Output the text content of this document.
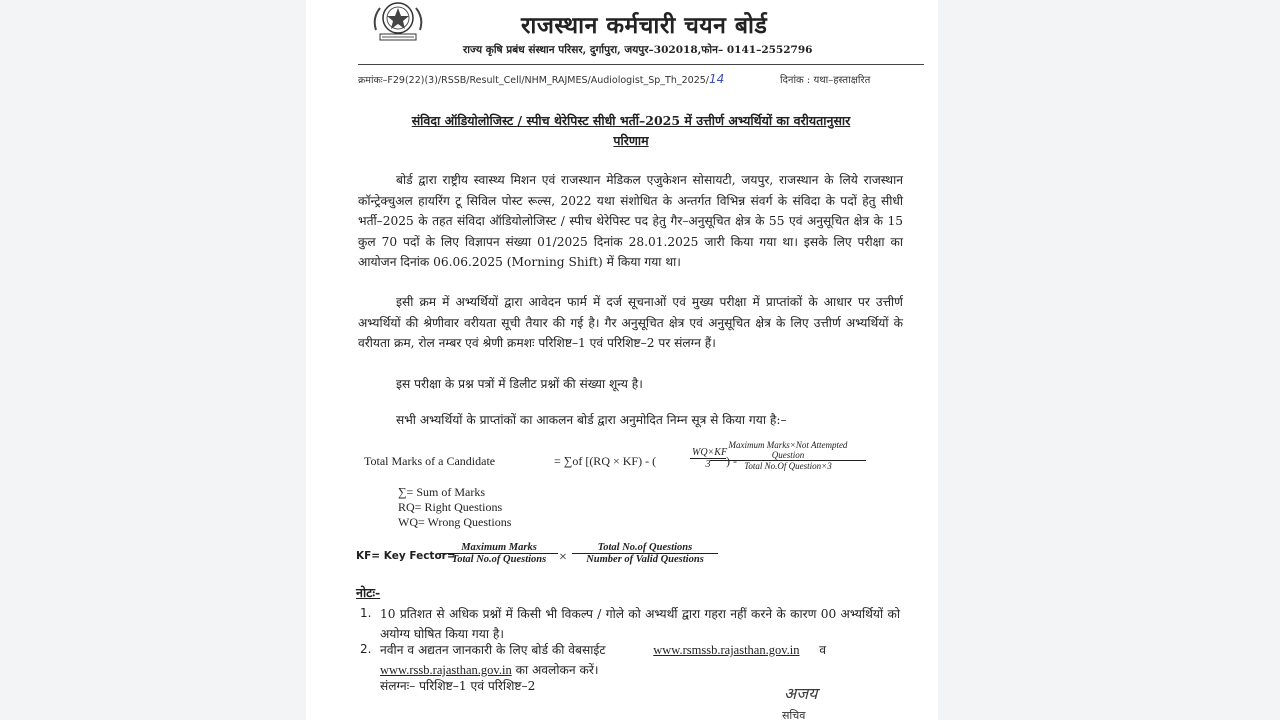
राजस्थान कर्मचारी चयन बोर्ड
राज्य कृषि प्रबंध संस्थान परिसर, दुर्गापुरा, जयपुर–302018,फोन– 0141–2552796
क्रमांकः–F29(22)(3)/RSSB/Result_Cell/NHM_RAJMES/Audiologist_Sp_Th_2025/14	दिनांक : यथा–हस्ताक्षरित
संविदा ऑडियोलोजिस्ट / स्पीच थेरेपिस्ट सीधी भर्ती–2025 में उत्तीर्ण अभ्यर्थियों का वरीयतानुसार
परिणाम
बोर्ड द्वारा राष्ट्रीय स्वास्थ्य मिशन एवं राजस्थान मेडिकल एजुकेशन सोसायटी, जयपुर, राजस्थान के लिये राजस्थान कॉन्ट्रेक्चुअल हायरिंग टू सिविल पोस्ट रूल्स, 2022 यथा संशोधित के अन्तर्गत विभिन्न संवर्ग के संविदा के पदों हेतु सीधी भर्ती–2025 के तहत संविदा ऑडियोलोजिस्ट / स्पीच थेरेपिस्ट पद हेतु गैर–अनुसूचित क्षेत्र के 55 एवं अनुसूचित क्षेत्र के 15 कुल 70 पदों के लिए विज्ञापन संख्या 01/2025 दिनांक 28.01.2025 जारी किया गया था। इसके लिए परीक्षा का आयोजन दिनांक 06.06.2025 (Morning Shift) में किया गया था।
इसी क्रम में अभ्यर्थियों द्वारा आवेदन फार्म में दर्ज सूचनाओं एवं मुख्य परीक्षा में प्राप्तांकों के आधार पर उत्तीर्ण अभ्यर्थियों की श्रेणीवार वरीयता सूची तैयार की गई है। गैर अनुसूचित क्षेत्र एवं अनुसूचित क्षेत्र के लिए उत्तीर्ण अभ्यर्थियों के वरीयता क्रम, रोल नम्बर एवं श्रेणी क्रमशः परिशिष्ट–1 एवं परिशिष्ट–2 पर संलग्न हैं।
इस परीक्षा के प्रश्न पत्रों में डिलीट प्रश्नों की संख्या शून्य है।
सभी अभ्यर्थियों के प्राप्तांकों का आकलन बोर्ड द्वारा अनुमोदित निम्न सूत्र से किया गया है:–
Total Marks of a Candidate	= ∑of [(RQ × KF) - (	$\frac{WQ\times KF}{3}$ ) -
Maximum Marks×Not Attempted
Question
Total No.Of Question×3
∑= Sum of Marks
RQ= Right Questions
WQ= Wrong Questions
KF= Key Fector=
Maximum Marks
Total No.of Questions ×
Total No.of Questions
Number of Valid Questions
नोटः-
1. 10 प्रतिशत से अधिक प्रश्नों में किसी भी विकल्प / गोले को अभ्यर्थी द्वारा गहरा नहीं करने के कारण 00 अभ्यर्थियों को अयोग्य घोषित किया गया है।
2. नवीन व अद्यतन जानकारी के लिए बोर्ड की वेबसाईट	www.rsmssb.rajasthan.gov.in व
www.rssb.rajasthan.gov.in का अवलोकन करें।
संलग्नः– परिशिष्ट–1 एवं परिशिष्ट–2	अजय
सचिव
